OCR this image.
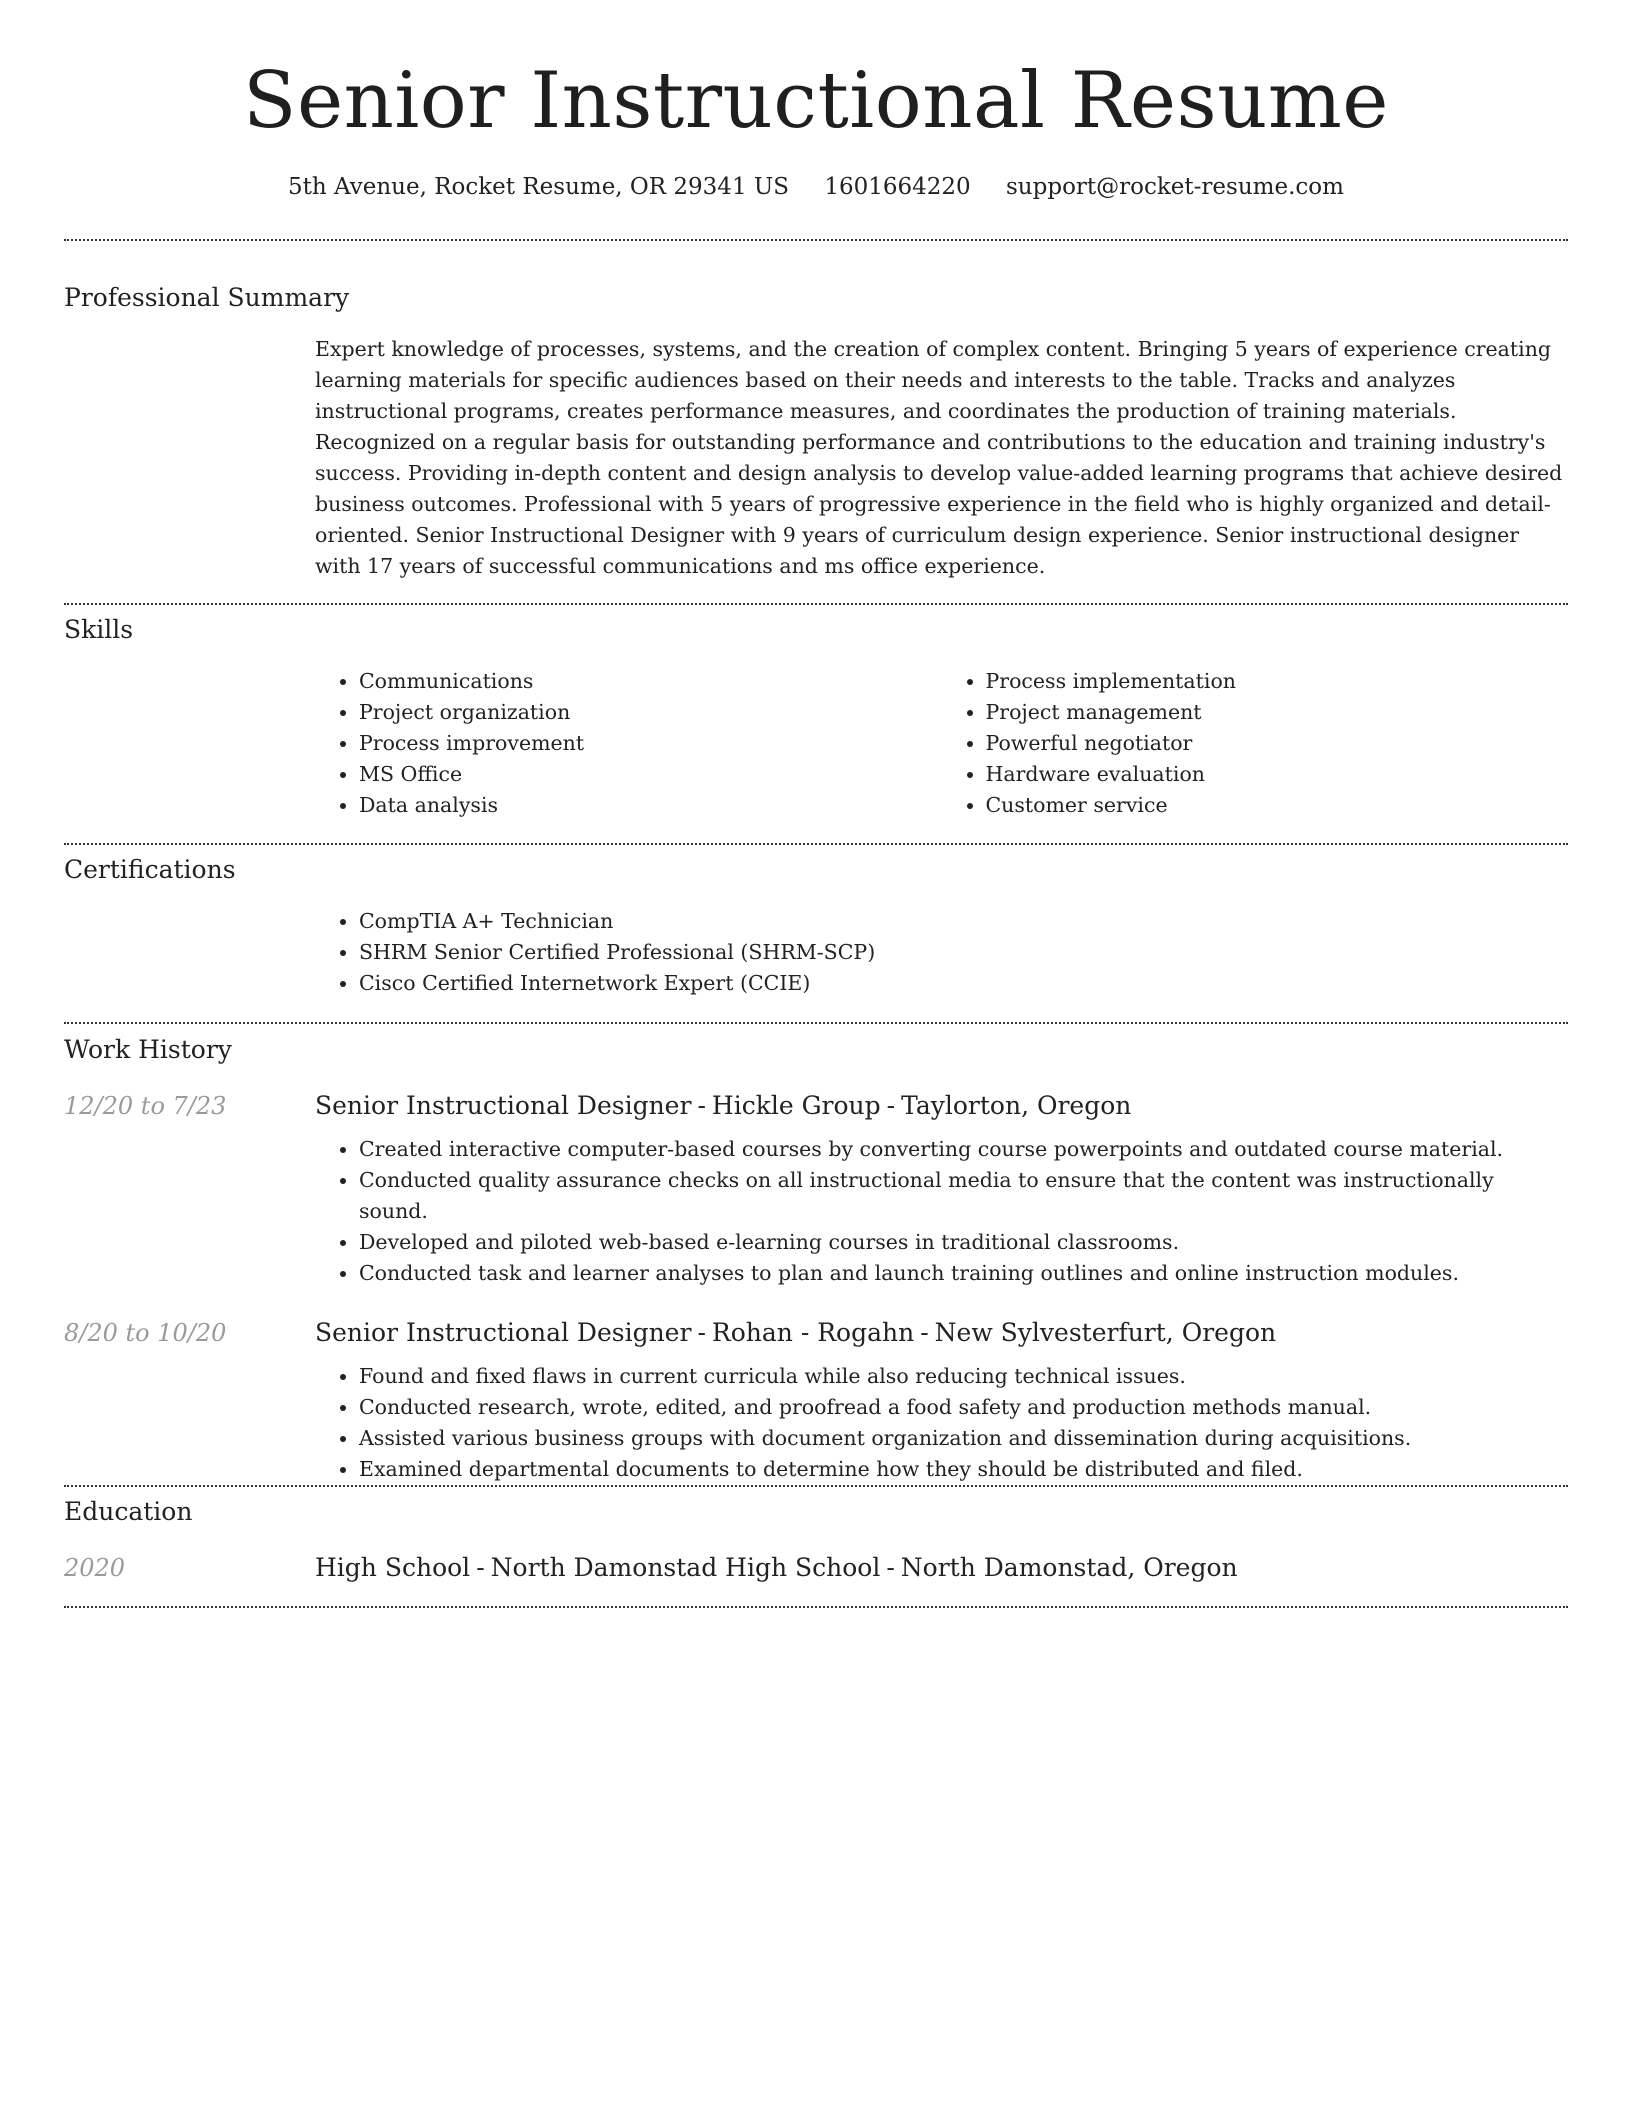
Senior Instructional Resume
5th Avenue, Rocket Resume, OR 29341 US 1601664220 support@rocket-resume.com
Professional Summary

Expert knowledge of processes, systems, and the creation of complex content. Bringing 5 years of experience creating learning materials for specific audiences based on their needs and interests to the table. Tracks and analyzes instructional programs, creates performance measures, and coordinates the production of training materials. Recognized on a regular basis for outstanding performance and contributions to the education and training industry's success. Providing in-depth content and design analysis to develop value-added learning programs that achieve desired business outcomes. Professional with 5 years of progressive experience in the field who is highly organized and detail-oriented. Senior Instructional Designer with 9 years of curriculum design experience. Senior instructional designer with 17 years of successful communications and ms office experience.

Skills
• Communications
• Project organization
• Process improvement
• MS Office
• Data analysis
• Process implementation
• Project management
• Powerful negotiator
• Hardware evaluation
• Customer service
Certifications
• CompTIA A+ Technician
• SHRM Senior Certified Professional (SHRM-SCP)
• Cisco Certified Internetwork Expert (CCIE)
Work History
12/20 to 7/23	Senior Instructional Designer - Hickle Group - Taylorton, Oregon
• Created interactive computer-based courses by converting course powerpoints and outdated course material.
• Conducted quality assurance checks on all instructional media to ensure that the content was instructionally sound.
• Developed and piloted web-based e-learning courses in traditional classrooms.
• Conducted task and learner analyses to plan and launch training outlines and online instruction modules.
8/20 to 10/20	Senior Instructional Designer - Rohan - Rogahn - New Sylvesterfurt, Oregon
• Found and fixed flaws in current curricula while also reducing technical issues.
• Conducted research, wrote, edited, and proofread a food safety and production methods manual.
• Assisted various business groups with document organization and dissemination during acquisitions.
• Examined departmental documents to determine how they should be distributed and filed.
Education
2020	High School - North Damonstad High School - North Damonstad, Oregon
